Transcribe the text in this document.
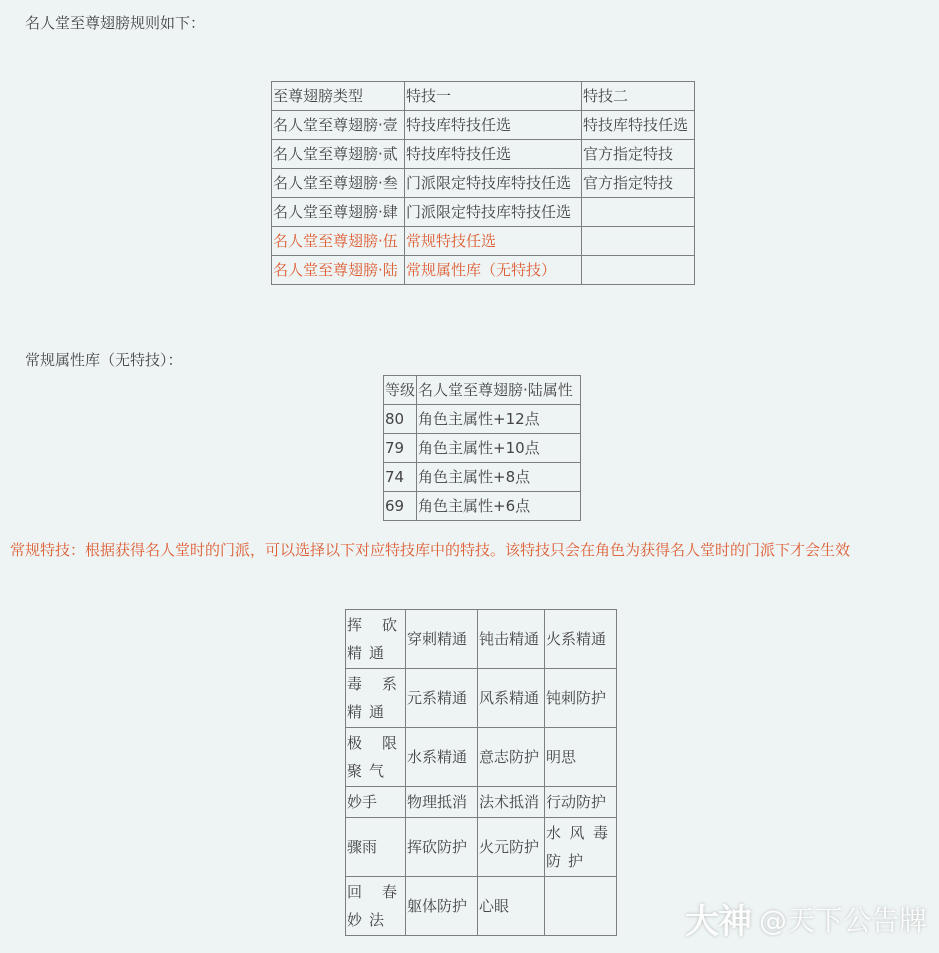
名人堂至尊翅膀规则如下：

至尊翅膀类型	特技一	特技二
名人堂至尊翅膀·壹	特技库特技任选	特技库特技任选
名人堂至尊翅膀·贰	特技库特技任选	官方指定特技
名人堂至尊翅膀·叁	门派限定特技库特技任选	官方指定特技
名人堂至尊翅膀·肆	门派限定特技库特技任选	
名人堂至尊翅膀·伍	常规特技任选	
名人堂至尊翅膀·陆	常规属性库（无特技）	

常规属性库（无特技）：

等级	名人堂至尊翅膀·陆属性
80	角色主属性+12点
79	角色主属性+10点
74	角色主属性+8点
69	角色主属性+6点

常规特技：根据获得名人堂时的门派，可以选择以下对应特技库中的特技。该特技只会在角色为获得名人堂时的门派下才会生效

挥砍精通	穿刺精通	钝击精通	火系精通
毒系精通	元系精通	风系精通	钝刺防护
极限聚气	水系精通	意志防护	明思
妙手	物理抵消	法术抵消	行动防护
骤雨	挥砍防护	火元防护	水风毒防护
回春妙法	躯体防护	心眼		大神 @天下公告牌
